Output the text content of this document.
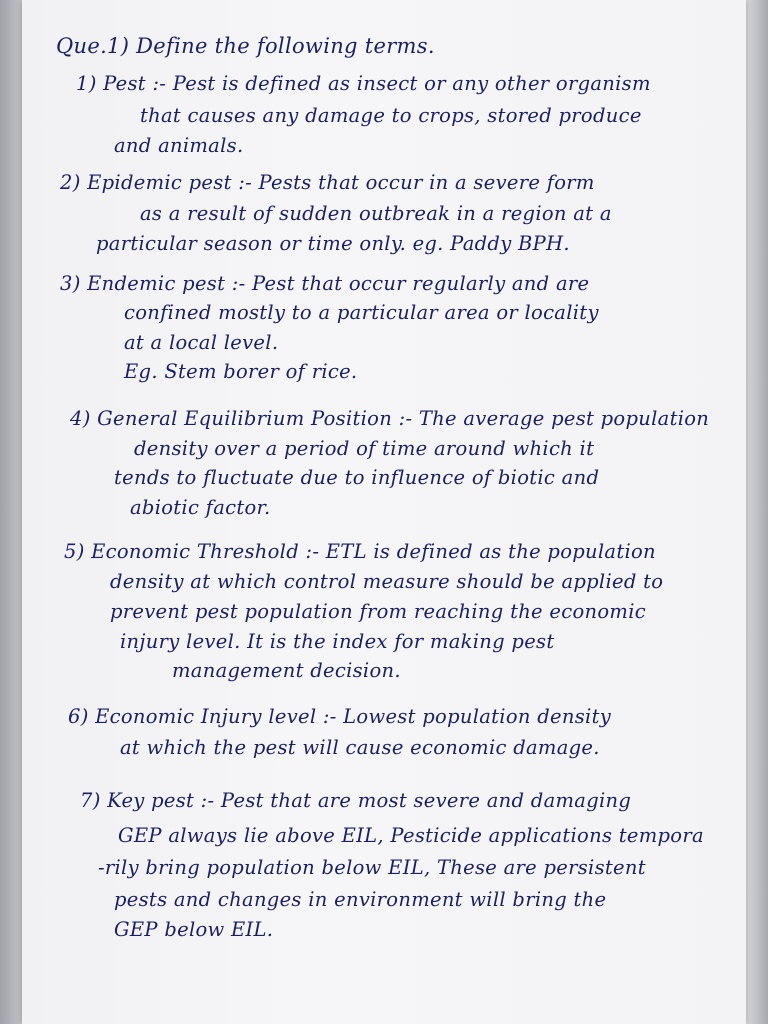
Que.1) Define the following terms.
1) Pest :- Pest is defined as insect or any other organism
that causes any damage to crops, stored produce
and animals.
2) Epidemic pest :- Pests that occur in a severe form
as a result of sudden outbreak in a region at a
particular season or time only. eg. Paddy BPH.
3) Endemic pest :- Pest that occur regularly and are
confined mostly to a particular area or locality
at a local level.
Eg. Stem borer of rice.
4) General Equilibrium Position :- The average pest population
density over a period of time around which it
tends to fluctuate due to influence of biotic and
abiotic factor.
5) Economic Threshold :- ETL is defined as the population
density at which control measure should be applied to
prevent pest population from reaching the economic
injury level. It is the index for making pest
management decision.
6) Economic Injury level :- Lowest population density
at which the pest will cause economic damage.
7) Key pest :- Pest that are most severe and damaging
GEP always lie above EIL, Pesticide applications tempora
-rily bring population below EIL, These are persistent
pests and changes in environment will bring the
GEP below EIL.
